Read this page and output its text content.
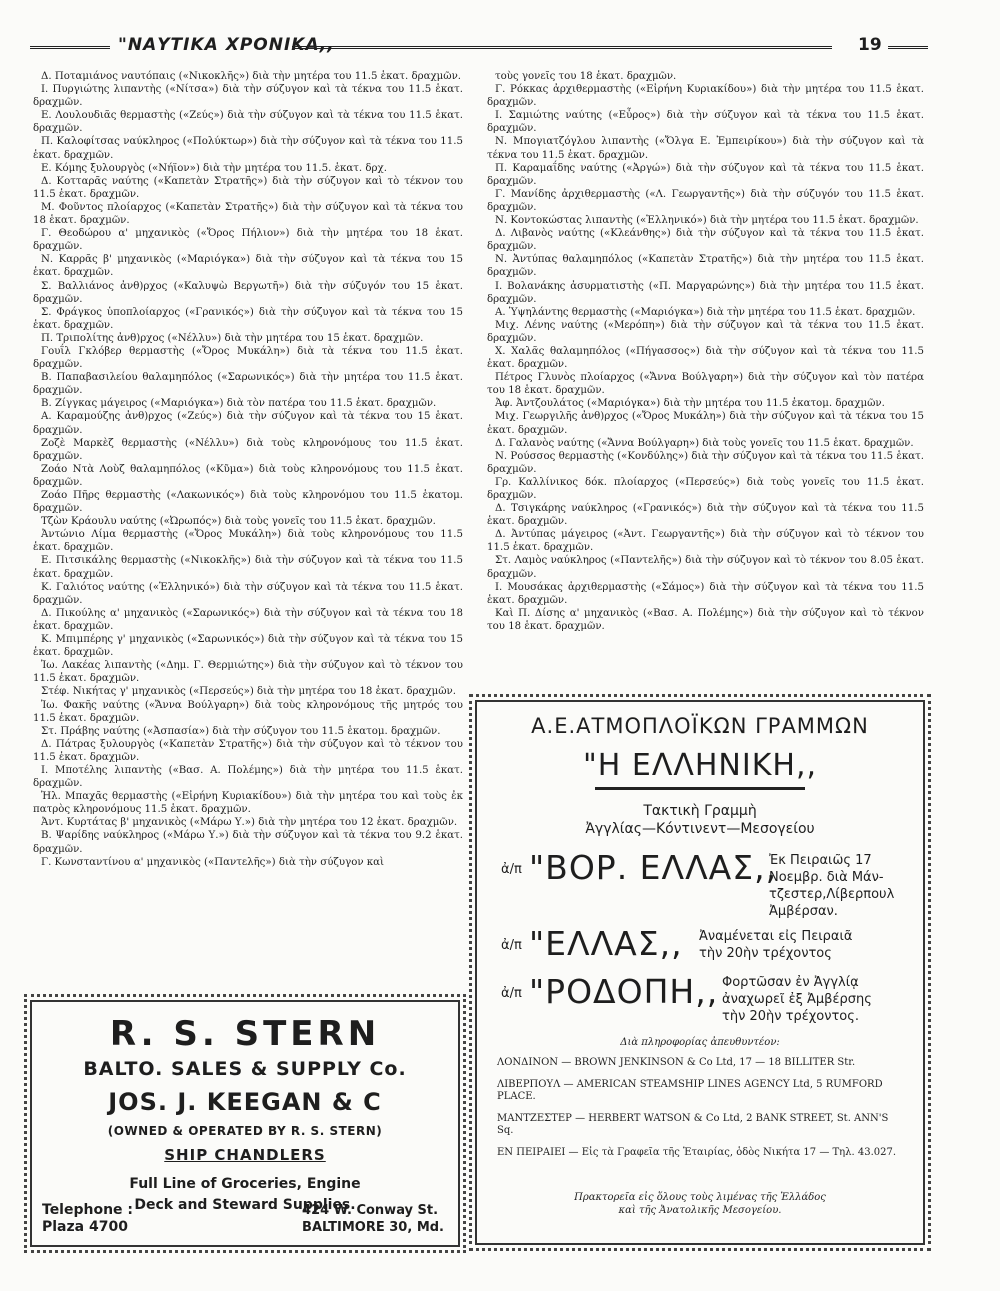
"ΝΑΥΤΙΚΑ ΧΡΟΝΙΚΑ,,	19

Δ. Ποταμιάνος ναυτόπαις («Νικοκλῆς») διὰ τὴν μητέρα του 11.5 ἑκατ. δραχμῶν.

Ι. Πυργιώτης λιπαντὴς («Νίτσα») διὰ τὴν σύζυγον καὶ τὰ τέκνα του 11.5 ἑκατ. δραχμῶν.

Ε. Λουλουδιᾶς θερμαστὴς («Ζεύς») διὰ τὴν σύζυγον καὶ τὰ τέκνα του 11.5 ἑκατ. δραχμῶν.

Π. Καλοφίτσας ναύκληρος («Πολύκτωρ») διὰ τὴν σύζυγον καὶ τὰ τέκνα του 11.5 ἑκατ. δραχμῶν.

Ε. Κόμης ξυλουργὸς («Νήϊον») διὰ τὴν μητέρα του 11.5. ἑκατ. δρχ.

Δ. Κοτταρᾶς ναύτης («Καπετὰν Στρατῆς») διὰ τὴν σύζυγον καὶ τὸ τέκνον του 11.5 ἑκατ. δραχμῶν.

Μ. Φοῦντος πλοίαρχος («Καπετὰν Στρατῆς») διὰ τὴν σύζυγον καὶ τὰ τέκνα του 18 ἑκατ. δραχμῶν.

Γ. Θεοδώρου α' μηχανικὸς («Ὄρος Πήλιον») διὰ τὴν μητέρα του 18 ἑκατ. δραχμῶν.

Ν. Καρρᾶς β' μηχανικὸς («Μαριόγκα») διὰ τὴν σύζυγον καὶ τὰ τέκνα του 15 ἑκατ. δραχμῶν.

Σ. Βαλλιάνος ἀνθ)ρχος («Καλυψὼ Βεργωτῆ») διὰ τὴν σύζυγόν του 15 ἑκατ. δραχμῶν.

Σ. Φράγκος ὑποπλοίαρχος («Γρανικός») διὰ τὴν σύζυγον καὶ τὰ τέκνα του 15 ἑκατ. δραχμῶν.

Π. Τριπολίτης ἀνθ)ρχος («Νέλλυ») διὰ τὴν μητέρα του 15 ἑκατ. δραχμῶν.

Γουΐλ Γκλόβερ θερμαστὴς («Ὄρος Μυκάλη») διὰ τὰ τέκνα του 11.5 ἑκατ. δραχμῶν.

Β. Παπαβασιλείου θαλαμηπόλος («Σαρωνικός») διὰ τὴν μητέρα του 11.5 ἑκατ. δραχμῶν.

Β. Ζίγγκας μάγειρος («Μαριόγκα») διὰ τὸν πατέρα του 11.5 ἑκατ. δραχμῶν.

Α. Καραμούζης ἀνθ)ρχος («Ζεύς») διὰ τὴν σύζυγον καὶ τὰ τέκνα του 15 ἑκατ. δραχμῶν.

Ζοζὲ Μαρκὲζ θερμαστὴς («Νέλλυ») διὰ τοὺς κληρονόμους του 11.5 ἑκατ. δραχμῶν.

Ζοάο Ντὰ Λοὺζ θαλαμηπόλος («Κῦμα») διὰ τοὺς κληρονόμους του 11.5 ἑκατ. δραχμῶν.

Ζοάο Πῆρς θερμαστὴς («Λακωνικός») διὰ τοὺς κληρονόμου του 11.5 ἑκατομ. δραχμῶν.

Τζὼν Κράουλυ ναύτης («Ὠρωπός») διὰ τοὺς γονεῖς του 11.5 ἑκατ. δραχμῶν.

Ἀντώνιο Λίμα θερμαστὴς («Ὄρος Μυκάλη») διὰ τοὺς κληρονόμους του 11.5 ἑκατ. δραχμῶν.

Ε. Πιτσικάλης θερμαστὴς («Νικοκλῆς») διὰ τὴν σύζυγον καὶ τὰ τέκνα του 11.5 ἑκατ. δραχμῶν.

Κ. Γαλιότος ναύτης («Ἑλληνικό») διὰ τὴν σύζυγον καὶ τὰ τέκνα του 11.5 ἑκατ. δραχμῶν.

Δ. Πικούλης α' μηχανικὸς («Σαρωνικός») διὰ τὴν σύζυγον καὶ τὰ τέκνα του 18 ἑκατ. δραχμῶν.

Κ. Μπιμπέρης γ' μηχανικὸς («Σαρωνικός») διὰ τὴν σύζυγον καὶ τὰ τέκνα του 15 ἑκατ. δραχμῶν.

Ἰω. Λακέας λιπαντὴς («Δημ. Γ. Θερμιώτης») διὰ τὴν σύζυγον καὶ τὸ τέκνον του 11.5 ἑκατ. δραχμῶν.

Στέφ. Νικήτας γ' μηχανικὸς («Περσεύς») διὰ τὴν μητέρα του 18 ἑκατ. δραχμῶν.

Ἰω. Φακῆς ναύτης («Ἄννα Βούλγαρη») διὰ τοὺς κληρονόμους τῆς μητρός του 11.5 ἑκατ. δραχμῶν.

Στ. Πράβης ναύτης («Ἀσπασία») διὰ τὴν σύζυγον του 11.5 ἑκατομ. δραχμῶν.

Δ. Πάτρας ξυλουργὸς («Καπετὰν Στρατῆς») διὰ τὴν σύζυγον καὶ τὸ τέκνον του 11.5 ἑκατ. δραχμῶν.

Ι. Μποτέλης λιπαντὴς («Βασ. Α. Πολέμης») διὰ τὴν μητέρα του 11.5 ἑκατ. δραχμῶν.

Ἠλ. Μπαχᾶς θερμαστὴς («Εἰρήνη Κυριακίδου») διὰ τὴν μητέρα του καὶ τοὺς ἐκ πατρὸς κληρονόμους 11.5 ἑκατ. δραχμῶν.

Ἀντ. Κυρτάτας β' μηχανικὸς («Μάρω Υ.») διὰ τὴν μητέρα του 12 ἑκατ. δραχμῶν.

Β. Ψαρίδης ναύκληρος («Μάρω Υ.») διὰ τὴν σύζυγον καὶ τὰ τέκνα του 9.2 ἑκατ. δραχμῶν.

Γ. Κωνσταντίνου α' μηχανικὸς («Παντελῆς») διὰ τὴν σύζυγον καὶ

τοὺς γονεῖς του 18 ἑκατ. δραχμῶν.

Γ. Ρόκκας ἀρχιθερμαστὴς («Εἰρήνη Κυριακίδου») διὰ τὴν μητέρα του 11.5 ἑκατ. δραχμῶν.

Ι. Σαμιώτης ναύτης («Εὖρος») διὰ τὴν σύζυγον καὶ τὰ τέκνα του 11.5 ἑκατ. δραχμῶν.

Ν. Μπογιατζόγλου λιπαντὴς («Ὄλγα Ε. Ἐμπειρίκου») διὰ τὴν σύζυγον καὶ τὰ τέκνα του 11.5 ἑκατ. δραχμῶν.

Π. Καραμαΐδης ναύτης («Ἀργώ») διὰ τὴν σύζυγον καὶ τὰ τέκνα του 11.5 ἑκατ. δραχμῶν.

Γ. Μανίδης ἀρχιθερμαστὴς («Λ. Γεωργαντῆς») διὰ τὴν σύζυγόν του 11.5 ἑκατ. δραχμῶν.

Ν. Κοντοκώστας λιπαντὴς («Ἑλληνικό») διὰ τὴν μητέρα του 11.5 ἑκατ. δραχμῶν.

Δ. Λιβανὸς ναύτης («Κλεάνθης») διὰ τὴν σύζυγον καὶ τὰ τέκνα του 11.5 ἑκατ. δραχμῶν.

Ν. Ἀντύπας θαλαμηπόλος («Καπετὰν Στρατῆς») διὰ τὴν μητέρα του 11.5 ἑκατ. δραχμῶν.

Ι. Βολανάκης ἀσυρματιστὴς («Π. Μαργαρώνης») διὰ τὴν μητέρα του 11.5 ἑκατ. δραχμῶν.

Α. Ὑψηλάντης θερμαστὴς («Μαριόγκα») διὰ τὴν μητέρα του 11.5 ἑκατ. δραχμῶν.

Μιχ. Λένης ναύτης («Μερόπη») διὰ τὴν σύζυγον καὶ τὰ τέκνα του 11.5 ἑκατ. δραχμῶν.

Χ. Χαλᾶς θαλαμηπόλος («Πήγασσος») διὰ τὴν σύζυγον καὶ τὰ τέκνα του 11.5 ἑκατ. δραχμῶν.

Πέτρος Γλυνὸς πλοίαρχος («Ἄννα Βούλγαρη») διὰ τὴν σύζυγον καὶ τὸν πατέρα του 18 ἑκατ. δραχμῶν.

Ἀφ. Ἀντζουλάτος («Μαριόγκα») διὰ τὴν μητέρα του 11.5 ἑκατομ. δραχμῶν.

Μιχ. Γεωργιλῆς ἀνθ)ρχος («Ὄρος Μυκάλη») διὰ τὴν σύζυγον καὶ τὰ τέκνα του 15 ἑκατ. δραχμῶν.

Δ. Γαλανὸς ναύτης («Ἄννα Βούλγαρη») διὰ τοὺς γονεῖς του 11.5 ἑκατ. δραχμῶν.

Ν. Ρούσσος θερμαστὴς («Κονδύλης») διὰ τὴν σύζυγον καὶ τὰ τέκνα του 11.5 ἑκατ. δραχμῶν.

Γρ. Καλλίνικος δόκ. πλοίαρχος («Περσεύς») διὰ τοὺς γονεῖς του 11.5 ἑκατ. δραχμῶν.

Δ. Τσιγκάρης ναύκληρος («Γρανικός») διὰ τὴν σύζυγον καὶ τὰ τέκνα του 11.5 ἑκατ. δραχμῶν.

Δ. Ἀντύπας μάγειρος («Ἀντ. Γεωργαντῆς») διὰ τὴν σύζυγον καὶ τὸ τέκνον του 11.5 ἑκατ. δραχμῶν.

Στ. Λαμὸς ναύκληρος («Παντελῆς») διὰ τὴν σύζυγον καὶ τὸ τέκνον του 8.05 ἑκατ. δραχμῶν.

Ι. Μουσάκας ἀρχιθερμαστὴς («Σάμος») διὰ τὴν σύζυγον καὶ τὰ τέκνα του 11.5 ἑκατ. δραχμῶν.

Καὶ Π. Δίσης α' μηχανικὸς («Βασ. Α. Πολέμης») διὰ τὴν σύζυγον καὶ τὸ τέκνον του 18 ἑκατ. δραχμῶν.

R. S. STERN
BALTO. SALES & SUPPLY Co.
JOS. J. KEEGAN & C
(OWNED & OPERATED BY R. S. STERN)
SHIP CHANDLERS
Full Line of Groceries, Engine
Deck and Steward Supplies.
Telephone :
Plaza 4700
424 W. Conway St.
BALTIMORE 30, Md.
Α.Ε.ΑΤΜΟΠΛΟΪΚΩΝ ΓΡΑΜΜΩΝ
"Η ΕΛΛΗΝΙΚΗ,,
Τακτικὴ Γραμμὴ
Ἀγγλίας—Κόντινεντ—Μεσογείου
ἀ/π "ΒΟΡ. ΕΛΛΑΣ,,
Ἐκ Πειραιῶς 17
Νοεμβρ. διὰ Μάν-
τζεστερ,Λίβερπουλ
Ἀμβέρσαν.
ἀ/π "ΕΛΛΑΣ,, Ἀναμένεται εἰς Πειραιᾶ
τὴν 20ὴν τρέχοντος
ἀ/π "ΡΟΔΟΠΗ,, Φορτῶσαν ἐν Ἀγγλίᾳ
ἀναχωρεῖ ἐξ Ἀμβέρσης
τὴν 20ὴν τρέχοντος.
Διὰ πληροφορίας ἀπευθυντέον:

ΛΟΝΔΙΝΟΝ — BROWN JENKINSON & Co Ltd, 17 — 18 BILLITER Str.

ΛΙΒΕΡΠΟΥΛ — AMERICAN STEAMSHIP LINES AGENCY Ltd, 5 RUMFORD PLACE.

ΜΑΝΤΖΕΣΤΕΡ — HERBERT WATSON & Co Ltd, 2 BANK STREET, St. ANN'S Sq.

ΕΝ ΠΕΙΡΑΙΕΙ — Εἰς τὰ Γραφεῖα τῆς Ἑταιρίας, ὁδὸς Νικήτα 17 — Τηλ. 43.027.

Πρακτορεῖα εἰς ὅλους τοὺς λιμένας τῆς Ἑλλάδος
καὶ τῆς Ἀνατολικῆς Μεσογείου.
